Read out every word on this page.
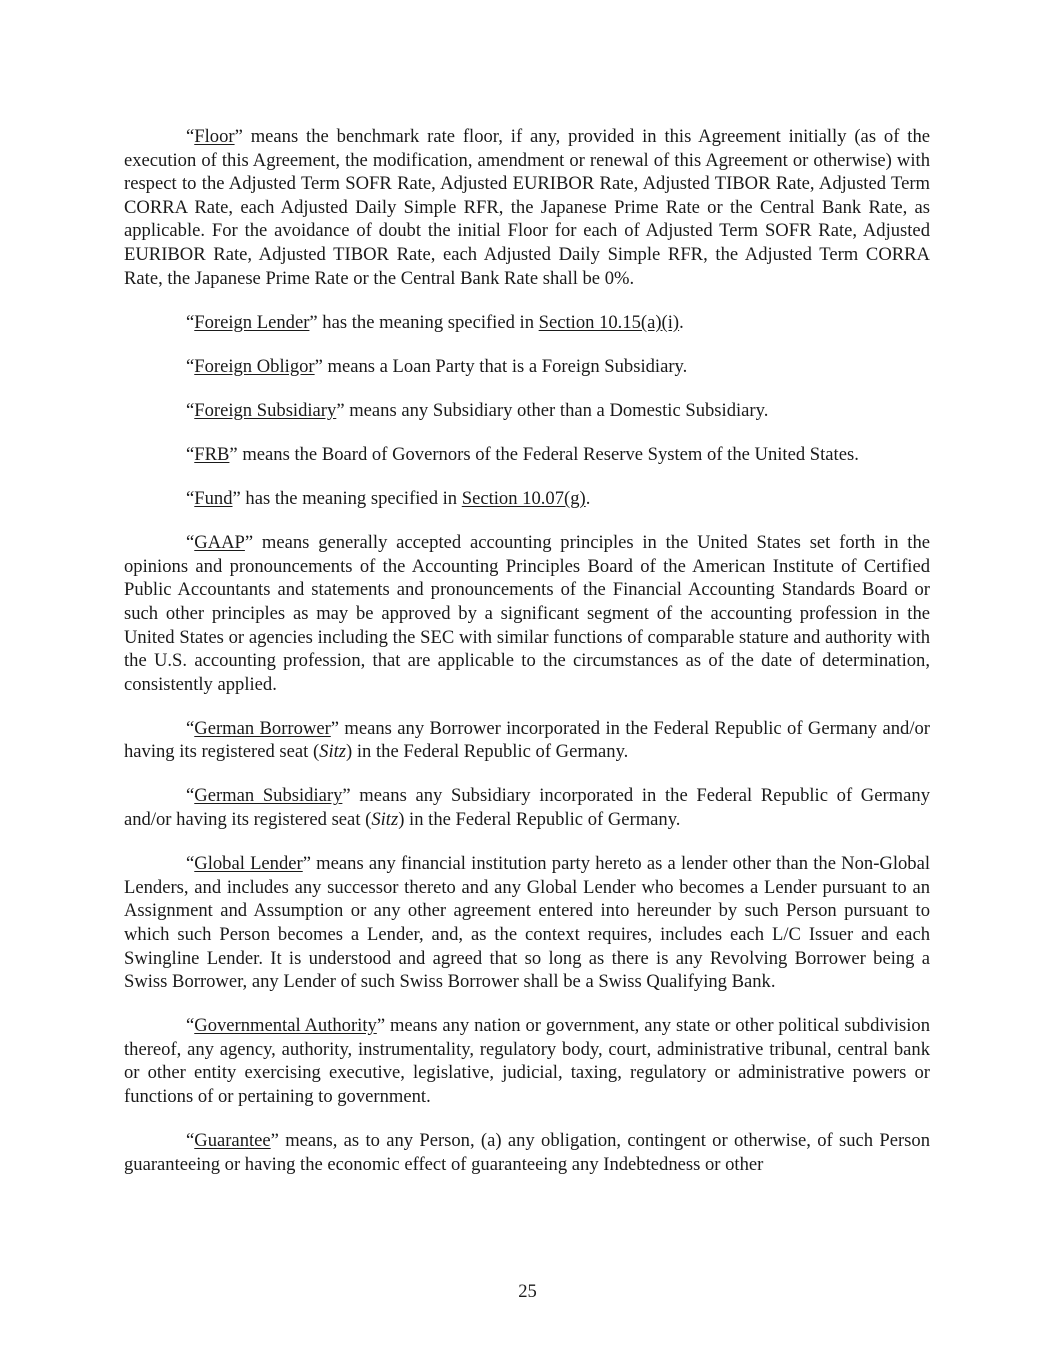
“Floor” means the benchmark rate floor, if any, provided in this Agreement initially (as of the execution of this Agreement, the modification, amendment or renewal of this Agreement or otherwise) with respect to the Adjusted Term SOFR Rate, Adjusted EURIBOR Rate, Adjusted TIBOR Rate, Adjusted Term CORRA Rate, each Adjusted Daily Simple RFR, the Japanese Prime Rate or the Central Bank Rate, as applicable. For the avoidance of doubt the initial Floor for each of Adjusted Term SOFR Rate, Adjusted EURIBOR Rate, Adjusted TIBOR Rate, each Adjusted Daily Simple RFR, the Adjusted Term CORRA Rate, the Japanese Prime Rate or the Central Bank Rate shall be 0%.

“Foreign Lender” has the meaning specified in Section 10.15(a)(i).

“Foreign Obligor” means a Loan Party that is a Foreign Subsidiary.

“Foreign Subsidiary” means any Subsidiary other than a Domestic Subsidiary.

“FRB” means the Board of Governors of the Federal Reserve System of the United States.

“Fund” has the meaning specified in Section 10.07(g).

“GAAP” means generally accepted accounting principles in the United States set forth in the opinions and pronouncements of the Accounting Principles Board of the American Institute of Certified Public Accountants and statements and pronouncements of the Financial Accounting Standards Board or such other principles as may be approved by a significant segment of the accounting profession in the United States or agencies including the SEC with similar functions of comparable stature and authority with the U.S. accounting profession, that are applicable to the circumstances as of the date of determination, consistently applied.

“German Borrower” means any Borrower incorporated in the Federal Republic of Germany and/or having its registered seat (Sitz) in the Federal Republic of Germany.

“German Subsidiary” means any Subsidiary incorporated in the Federal Republic of Germany and/or having its registered seat (Sitz) in the Federal Republic of Germany.

“Global Lender” means any financial institution party hereto as a lender other than the Non-Global Lenders, and includes any successor thereto and any Global Lender who becomes a Lender pursuant to an Assignment and Assumption or any other agreement entered into hereunder by such Person pursuant to which such Person becomes a Lender, and, as the context requires, includes each L/C Issuer and each Swingline Lender. It is understood and agreed that so long as there is any Revolving Borrower being a Swiss Borrower, any Lender of such Swiss Borrower shall be a Swiss Qualifying Bank.

“Governmental Authority” means any nation or government, any state or other political subdivision thereof, any agency, authority, instrumentality, regulatory body, court, administrative tribunal, central bank or other entity exercising executive, legislative, judicial, taxing, regulatory or administrative powers or functions of or pertaining to government.

“Guarantee” means, as to any Person, (a) any obligation, contingent or otherwise, of such Person guaranteeing or having the economic effect of guaranteeing any Indebtedness or other

25
